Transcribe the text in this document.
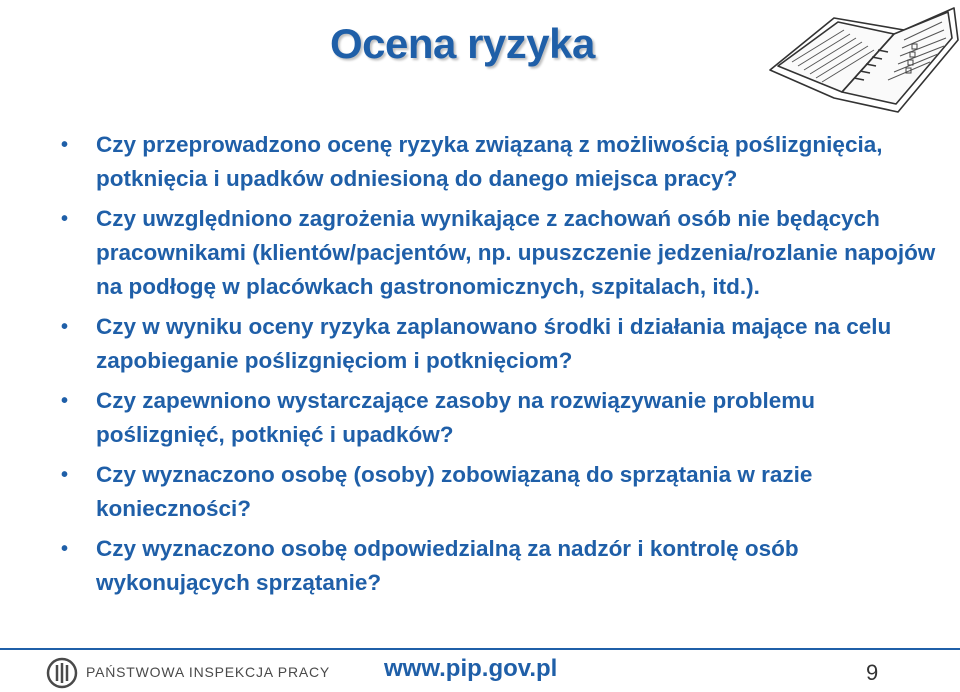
Ocena ryzyka
• Czy przeprowadzono ocenę ryzyka związaną z możliwością poślizgnięcia, potknięcia i upadków odniesioną do danego miejsca pracy?
• Czy uwzględniono zagrożenia wynikające z zachowań osób nie będących pracownikami (klientów/pacjentów, np. upuszczenie jedzenia/rozlanie napojów na podłogę w placówkach gastronomicznych, szpitalach, itd.).
• Czy w wyniku oceny ryzyka zaplanowano środki i działania mające na celu zapobieganie poślizgnięciom i potknięciom?
• Czy zapewniono wystarczające zasoby na rozwiązywanie problemu poślizgnięć, potknięć i upadków?
• Czy wyznaczono osobę (osoby) zobowiązaną do sprzątania w razie konieczności?
• Czy wyznaczono osobę odpowiedzialną za nadzór i kontrolę osób wykonujących sprzątanie?
PAŃSTWOWA INSPEKCJA PRACY www.pip.gov.pl	9
